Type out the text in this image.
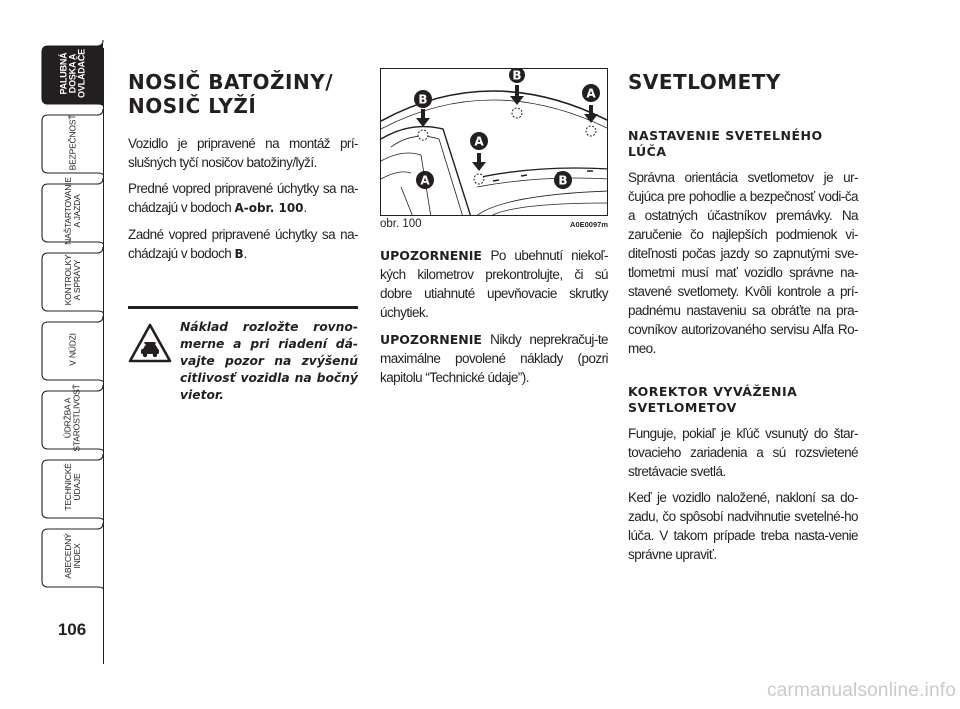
PALUBNÁ
DOSKA A
OVLÁDAČE
BEZPEČNOSŤ
NAŠTARTOVANIE
A JAZDA
KONTROLKY
A SPRÁVY
V NÚDZI
ÚDRŽBA A
STAROSTLIVOSŤ
TECHNICKÉ
ÚDAJE
ABECEDNÝ
INDEX
106
NOSIČ BATOŽINY/
NOSIČ LYŽÍ

Vozidlo je pripravené na montáž prí-slušných tyčí nosičov batožiny/lyží.

Predné vopred pripravené úchytky sa na-chádzajú v bodoch A-obr. 100.

Zadné vopred pripravené úchytky sa na-chádzajú v bodoch B.

Náklad rozložte rovno-merne a pri riadení dá-vajte pozor na zvýšenú citlivosť vozidla na bočný vietor.
B
A
B
A
A	B
obr. 100	A0E0097m

UPOZORNENIE Po ubehnutí niekoľ-kých kilometrov prekontrolujte, či sú dobre utiahnuté upevňovacie skrutky úchytiek.

UPOZORNENIE Nikdy neprekračuj-te maximálne povolené náklady (pozri kapitolu “Technické údaje”).

SVETLOMETY
NASTAVENIE SVETELNÉHO LÚČA

Správna orientácia svetlometov je ur-čujúca pre pohodlie a bezpečnosť vodi-ča a ostatných účastníkov premávky. Na zaručenie čo najlepších podmienok vi-diteľnosti počas jazdy so zapnutými sve-tlometmi musí mať vozidlo správne na-stavené svetlomety. Kvôli kontrole a prí-padnému nastaveniu sa obráťte na pra-covníkov autorizovaného servisu Alfa Ro-meo.

KOREKTOR VYVÁŽENIA SVETLOMETOV

Funguje, pokiaľ je kľúč vsunutý do štar-tovacieho zariadenia a sú rozsvietené stretávacie svetlá.

Keď je vozidlo naložené, nakloní sa do-zadu, čo spôsobí nadvihnutie svetelné-ho lúča. V takom prípade treba nasta-venie správne upraviť.

carmanualsonline.info
